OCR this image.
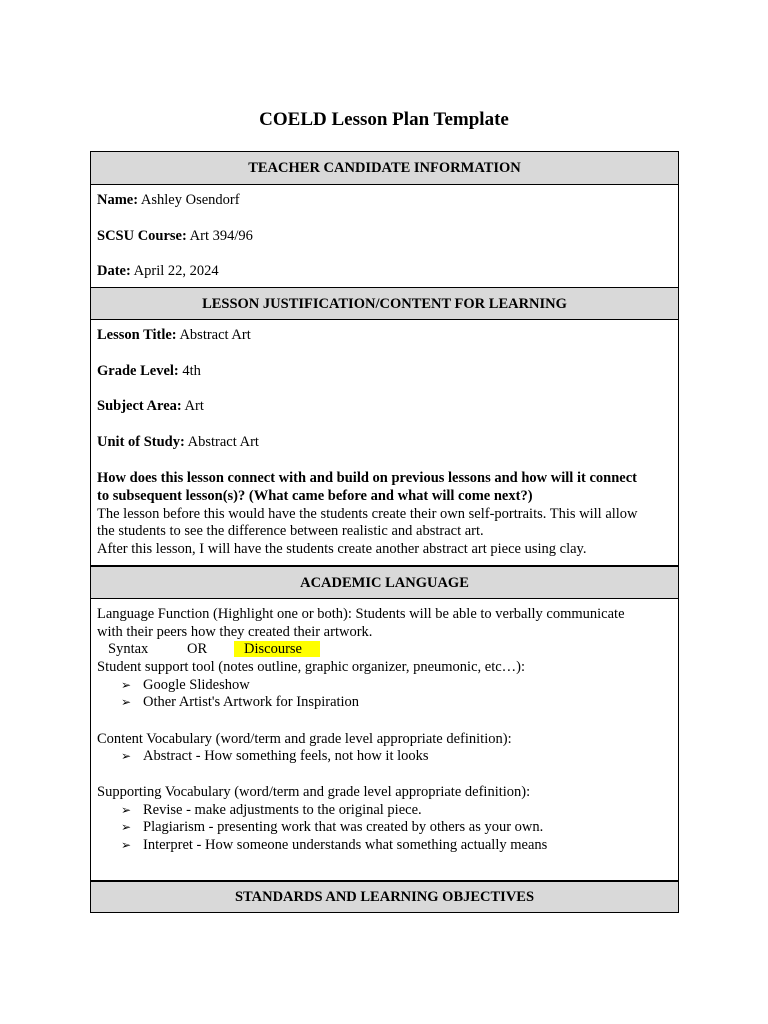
COELD Lesson Plan Template
TEACHER CANDIDATE INFORMATION
Name: Ashley Osendorf
SCSU Course: Art 394/96
Date: April 22, 2024
LESSON JUSTIFICATION/CONTENT FOR LEARNING
Lesson Title: Abstract Art
Grade Level: 4th
Subject Area: Art
Unit of Study: Abstract Art
How does this lesson connect with and build on previous lessons and how will it connect
to subsequent lesson(s)? (What came before and what will come next?)
The lesson before this would have the students create their own self-portraits. This will allow
the students to see the difference between realistic and abstract art.
After this lesson, I will have the students create another abstract art piece using clay.
ACADEMIC LANGUAGE
Language Function (Highlight one or both): Students will be able to verbally communicate
with their peers how they created their artwork.
Syntax	OR	Discourse
Student support tool (notes outline, graphic organizer, pneumonic, etc…):
➢ Google Slideshow
➢ Other Artist's Artwork for Inspiration
Content Vocabulary (word/term and grade level appropriate definition):
➢ Abstract - How something feels, not how it looks
Supporting Vocabulary (word/term and grade level appropriate definition):
➢ Revise - make adjustments to the original piece.
➢ Plagiarism - presenting work that was created by others as your own.
➢ Interpret - How someone understands what something actually means
STANDARDS AND LEARNING OBJECTIVES
